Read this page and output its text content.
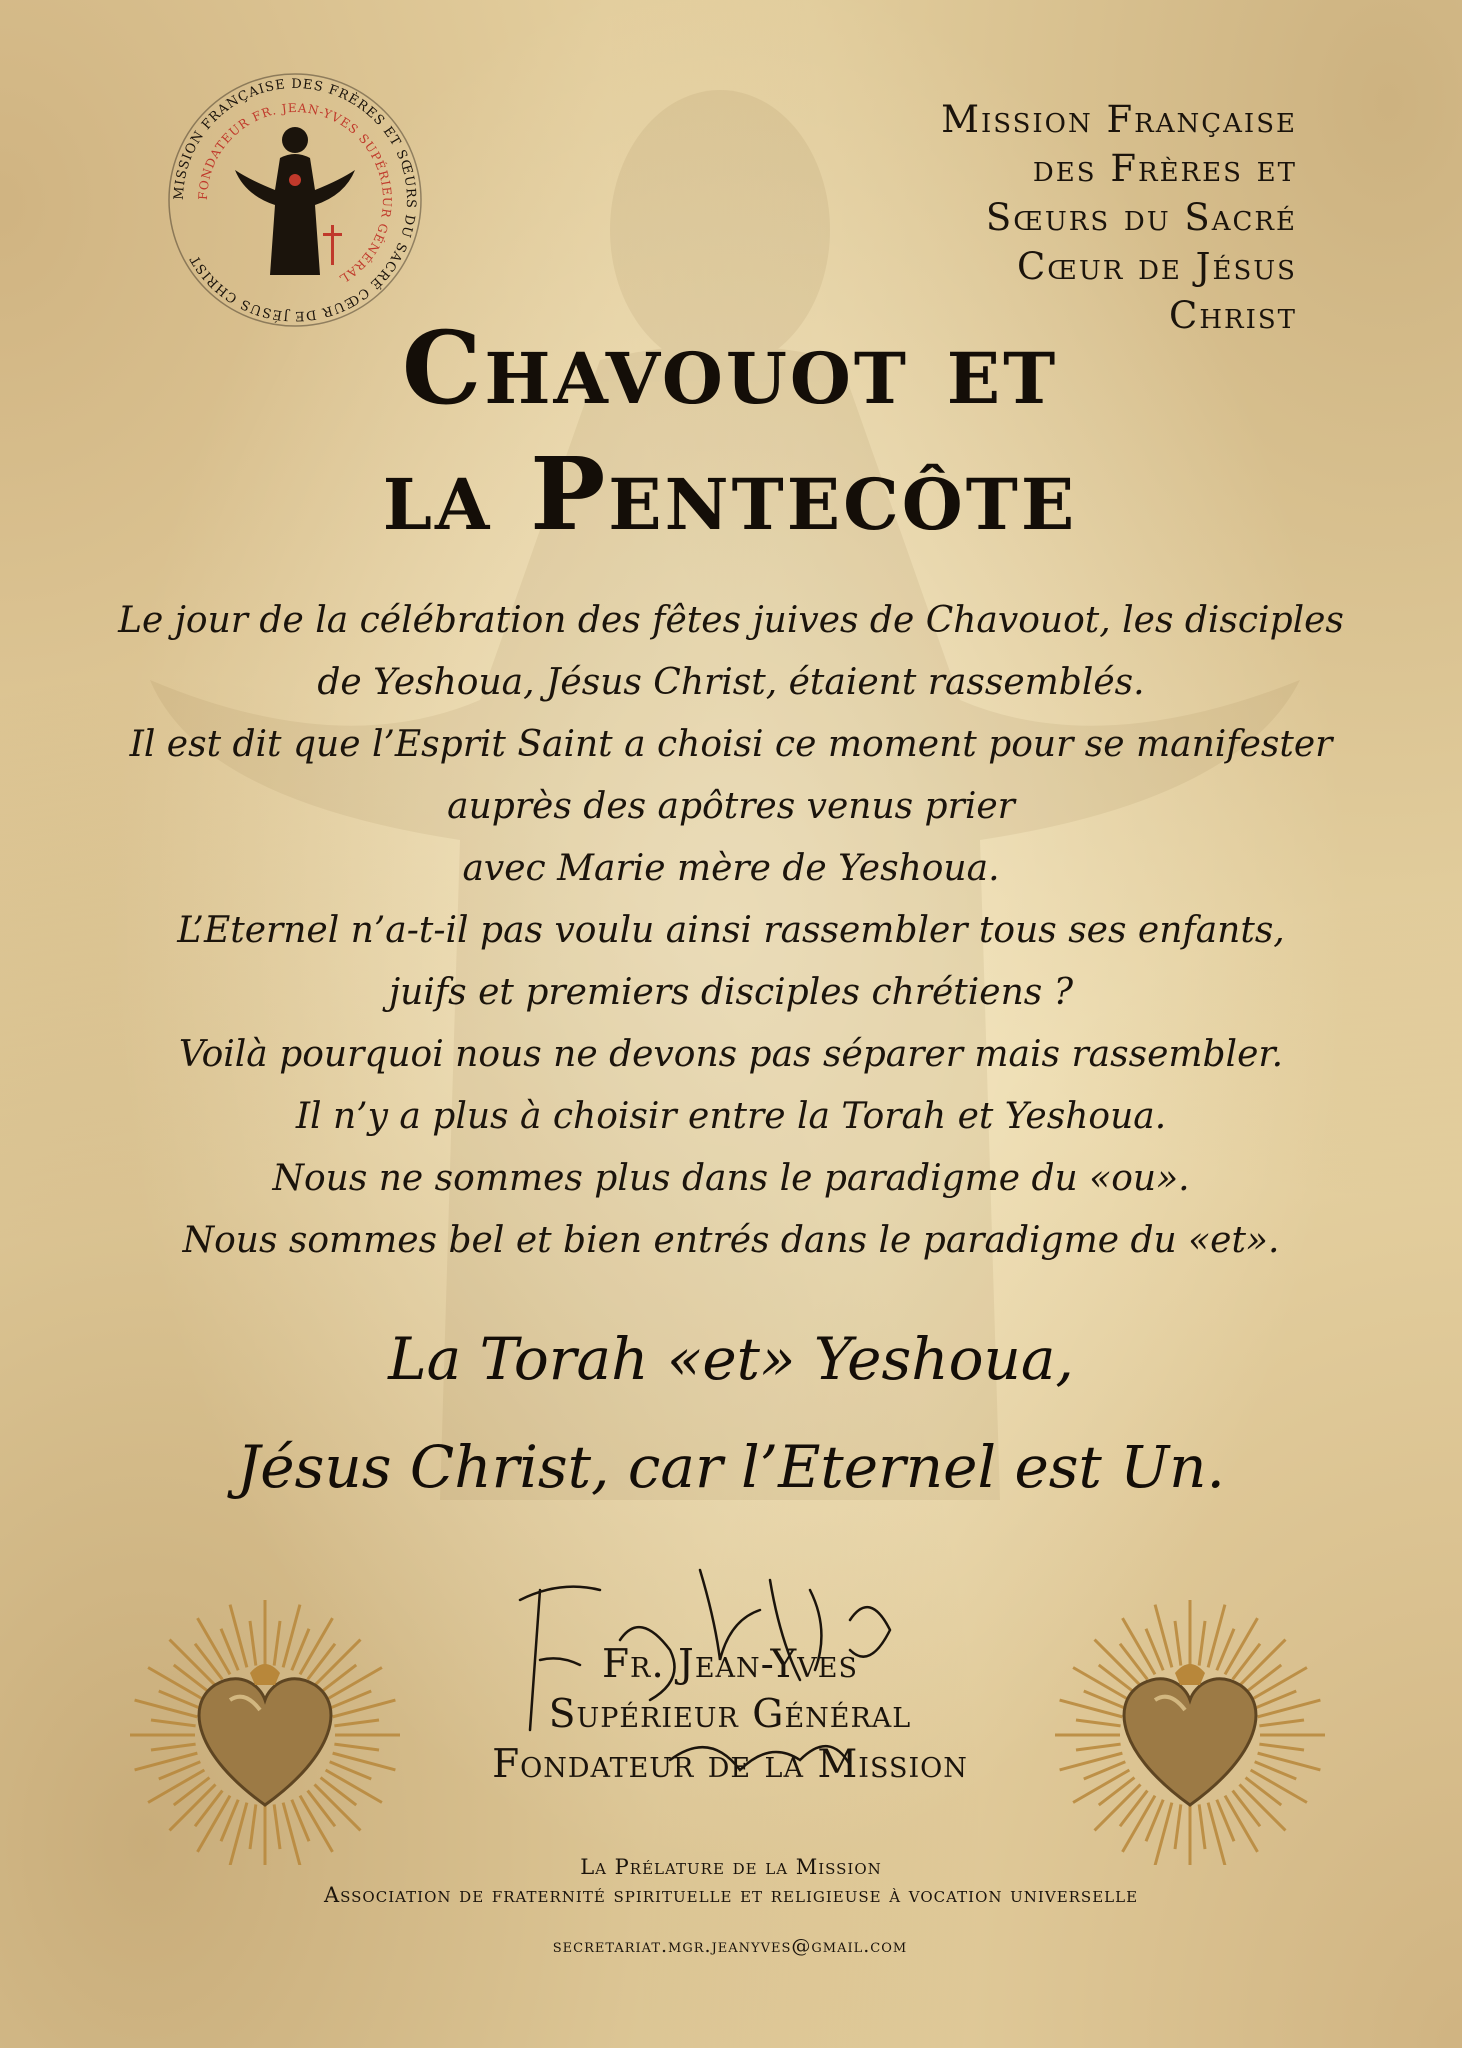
MISSION FRANÇAISE DES FRÈRES ET SŒURS DU SACRÉ CŒUR DE JÉSUS CHRIST
FONDATEUR FR. JEAN-YVES SUPÉRIEUR GÉNÉRAL
Mission Française
des Frères et
Sœurs du Sacré
Cœur de Jésus
Christ
Chavouot et
la Pentecôte
Le jour de la célébration des fêtes juives de Chavouot, les disciples
de Yeshoua, Jésus Christ, étaient rassemblés.
Il est dit que l’Esprit Saint a choisi ce moment pour se manifester
auprès des apôtres venus prier
avec Marie mère de Yeshoua.
L’Eternel n’a-t-il pas voulu ainsi rassembler tous ses enfants,
juifs et premiers disciples chrétiens ?
Voilà pourquoi nous ne devons pas séparer mais rassembler.
Il n’y a plus à choisir entre la Torah et Yeshoua.
Nous ne sommes plus dans le paradigme du «ou».
Nous sommes bel et bien entrés dans le paradigme du «et».
La Torah «et» Yeshoua,
Jésus Christ, car l’Eternel est Un.
Fr. Jean-Yves
Supérieur Général
Fondateur de la Mission
La Prélature de la Mission
Association de fraternité spirituelle et religieuse à vocation universelle
secretariat.mgr.jeanyves@gmail.com
